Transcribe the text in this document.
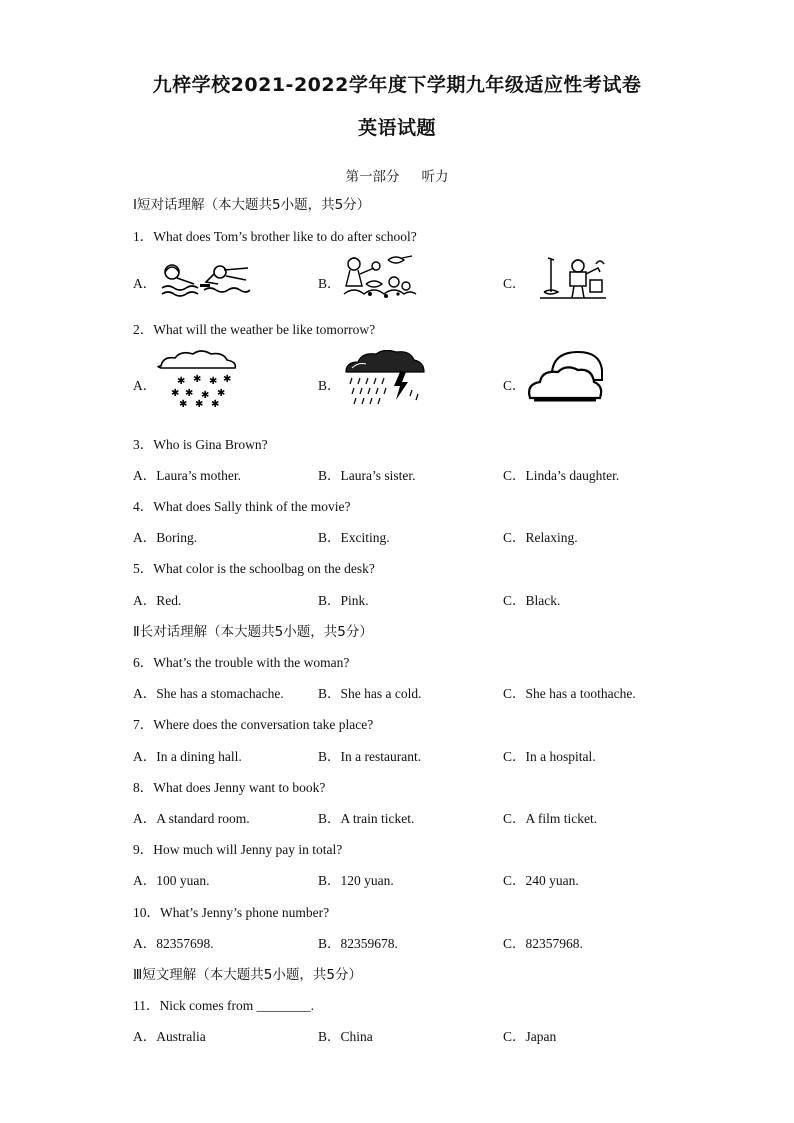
九梓学校2021-2022学年度下学期九年级适应性考试卷
英语试题
第一部分 听力
Ⅰ短对话理解（本大题共5小题，共5分）
1．What does Tom’s brother like to do after school?
A．	B．	C．
2．What will the weather be like tomorrow?
A． ✱ ✱ ✱ ✱
✱ ✱ ✱ ✱
✱ ✱ ✱
B．	C．
3．Who is Gina Brown?
A．Laura’s mother.	B．Laura’s sister.	C．Linda’s daughter.
4．What does Sally think of the movie?
A．Boring.	B．Exciting.	C．Relaxing.
5．What color is the schoolbag on the desk?
A．Red.	B．Pink.	C．Black.
Ⅱ长对话理解（本大题共5小题，共5分）
6．What’s the trouble with the woman?
A．She has a stomachache.	B．She has a cold.	C．She has a toothache.
7．Where does the conversation take place?
A．In a dining hall.	B．In a restaurant.	C．In a hospital.
8．What does Jenny want to book?
A．A standard room.	B．A train ticket.	C．A film ticket.
9．How much will Jenny pay in total?
A．100 yuan.	B．120 yuan.	C．240 yuan.
10．What’s Jenny’s phone number?
A．82357698.	B．82359678.	C．82357968.
Ⅲ短文理解（本大题共5小题，共5分）
11．Nick comes from ________.
A．Australia	B．China	C．Japan
